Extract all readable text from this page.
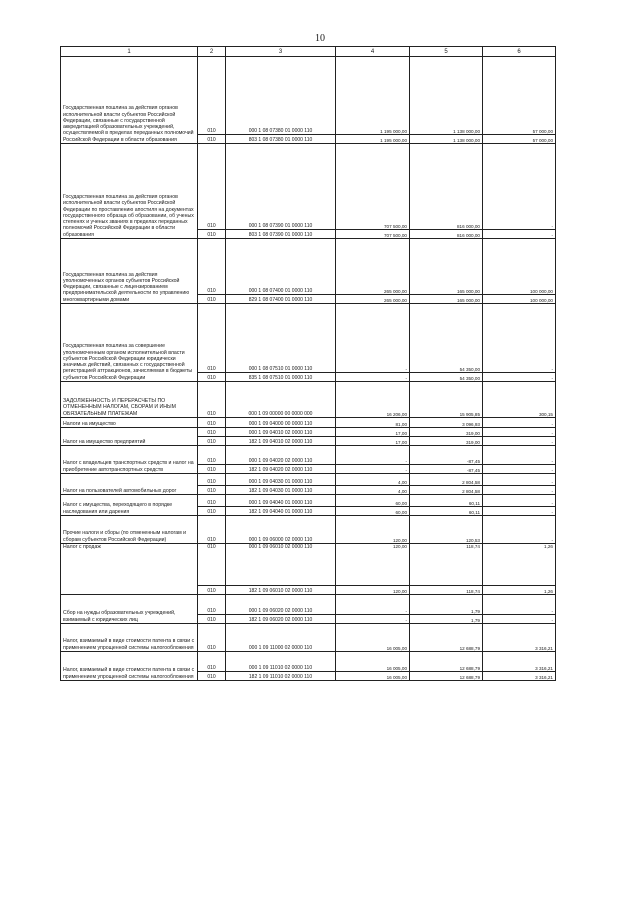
10
1	2	3	4	5	6
Государственная пошлина за действия органов исполнительной власти субъектов Российской Федерации, связанные с государственной аккредитацией образовательных учреждений, осуществляемой в пределах переданных полномочий Российской Федерации в области образования	010	000 1 08 07380 01 0000 110	1 195 000,00	1 138 000,00	57 000,00
	010	803 1 08 07380 01 0000 110	1 195 000,00	1 138 000,00	57 000,00
Государственная пошлина за действия органов исполнительной власти субъектов Российской Федерации по проставлению апостиля на документах государственного образца об образовании, об ученых степенях и ученых званиях в пределах переданных полномочий Российской Федерации в области образования	010	000 1 08 07390 01 0000 110	707 500,00	816 000,00	-
	010	803 1 08 07390 01 0000 110	707 500,00	816 000,00	-
Государственная пошлина за действия уполномоченных органов субъектов Российской Федерации, связанные с лицензированием предпринимательской деятельности по управлению многоквартирными домами	010	000 1 08 07400 01 0000 110	265 000,00	165 000,00	100 000,00
	010	829 1 08 07400 01 0000 110	265 000,00	165 000,00	100 000,00
Государственная пошлина за совершение уполномоченным органом исполнительной власти субъектов Российской Федерации юридически значимых действий, связанных с государственной регистрацией аттракционов, зачисляемая в бюджеты субъектов Российской Федерации	010	000 1 08 07510 01 0000 110	-	54 350,00	-
	010	835 1 08 07510 01 0000 110	-	54 350,00	-
ЗАДОЛЖЕННОСТЬ И ПЕРЕРАСЧЕТЫ ПО ОТМЕНЕННЫМ НАЛОГАМ, СБОРАМ И ИНЫМ ОБЯЗАТЕЛЬНЫМ ПЛАТЕЖАМ	010	000 1 09 00000 00 0000 000	16 206,00	15 905,85	300,15
Налоги на имущество	010	000 1 09 04000 00 0000 110	81,00	3 096,93	-
Налог на имущество предприятий	010	000 1 09 04010 02 0000 110	17,00	319,00	-
	010	182 1 09 04010 02 0000 110	17,00	319,00	-
Налог с владельцев транспортных средств и налог на приобретение автотранспортных средств	010	000 1 09 04020 02 0000 110	-	-87,45	-
	010	182 1 09 04020 02 0000 110	-	-87,45	-
Налог на пользователей автомобильных дорог	010	000 1 09 04030 01 0000 110	4,00	2 804,58	-
	010	182 1 09 04030 01 0000 110	4,00	2 804,58	-
Налог с имущества, переходящего в порядке наследования или дарения	010	000 1 09 04040 01 0000 110	60,00	60,11	-
	010	182 1 09 04040 01 0000 110	60,00	60,11	-
Прочие налоги и сборы (по отмененным налогам и сборам субъектов Российской Федерации)	010	000 1 09 06000 02 0000 110	120,00	120,53	-
Налог с продаж	010	000 1 09 06010 02 0000 110	120,00	118,74	1,26
	010	182 1 09 06010 02 0000 110	120,00	118,74	1,26
Сбор на нужды образовательных учреждений, взимаемый с юридических лиц	010	000 1 09 06020 02 0000 110	-	1,79	-
	010	182 1 09 06020 02 0000 110	-	1,79	-
Налог, взимаемый в виде стоимости патента в связи с применением упрощенной системы налогообложения	010	000 1 09 11000 02 0000 110	16 005,00	12 688,79	3 316,21
Налог, взимаемый в виде стоимости патента в связи с применением упрощенной системы налогообложения	010	000 1 09 11010 02 0000 110	16 005,00	12 688,79	3 316,21
	010	182 1 09 11010 02 0000 110	16 005,00	12 688,79	3 316,21
